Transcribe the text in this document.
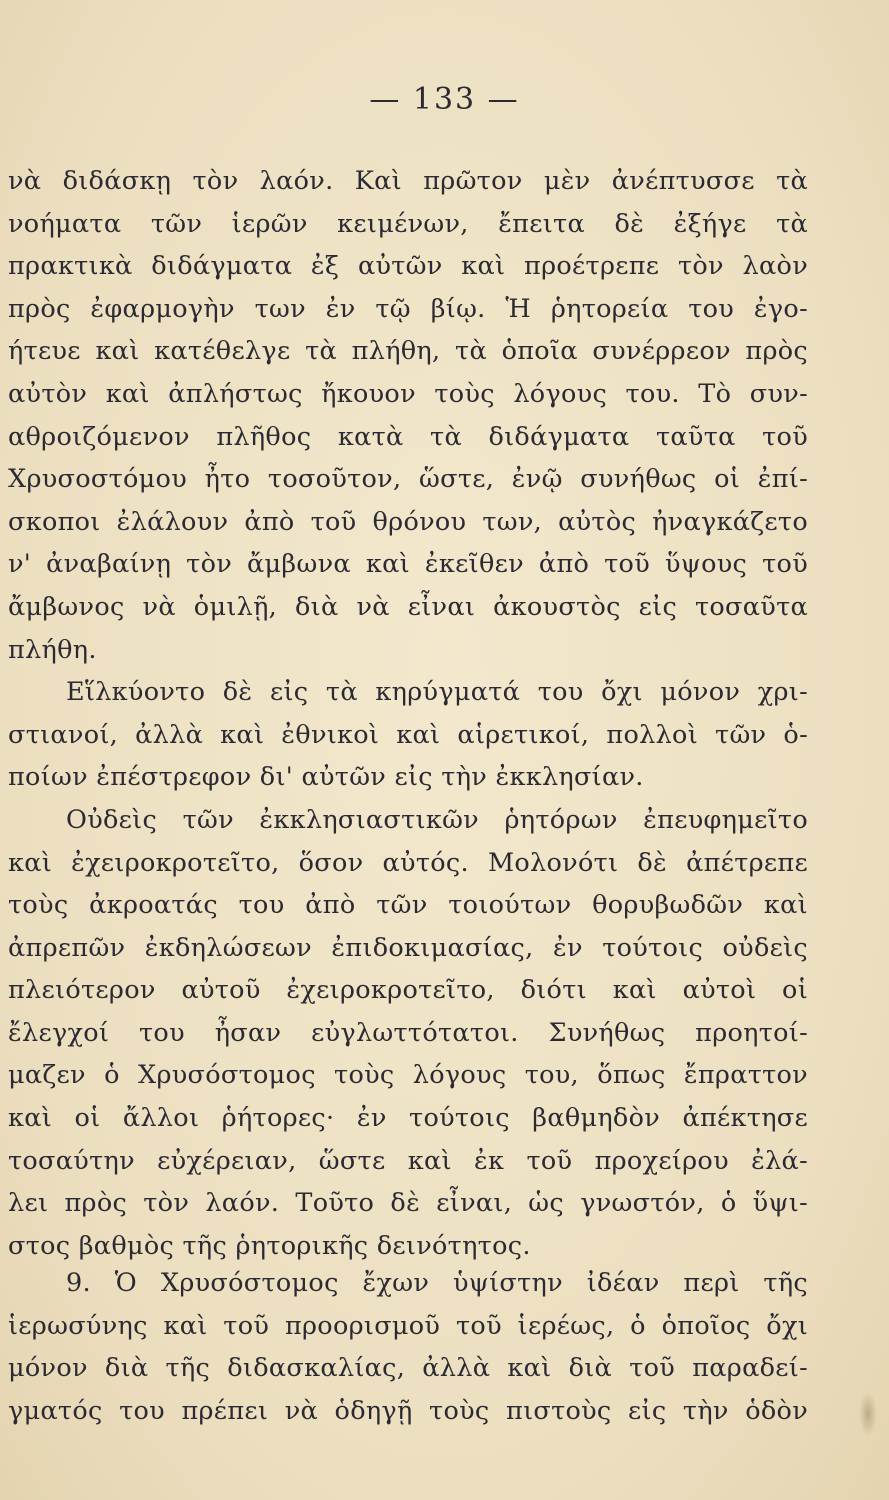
— 133 —
νὰ διδάσκῃ τὸν λαόν. Καὶ πρῶτον μὲν ἀνέπτυσσε τὰ
νοήματα τῶν ἱερῶν κειμένων, ἔπειτα δὲ ἐξήγε τὰ
πρακτικὰ διδάγματα ἐξ αὐτῶν καὶ προέτρεπε τὸν λαὸν
πρὸς ἐφαρμογὴν των ἐν τῷ βίῳ. Ἡ ῥητορεία του ἐγο-
ήτευε καὶ κατέθελγε τὰ πλήθη, τὰ ὁποῖα συνέρρεον πρὸς
αὐτὸν καὶ ἀπλήστως ἤκουον τοὺς λόγους του. Τὸ συν-
αθροιζόμενον πλῆθος κατὰ τὰ διδάγματα ταῦτα τοῦ
Χρυσοστόμου ἦτο τοσοῦτον, ὥστε, ἐνῷ συνήθως οἱ ἐπί-
σκοποι ἐλάλουν ἀπὸ τοῦ θρόνου των, αὐτὸς ἠναγκάζετο
ν' ἀναβαίνῃ τὸν ἄμβωνα καὶ ἐκεῖθεν ἀπὸ τοῦ ὕψους τοῦ
ἄμβωνος νὰ ὁμιλῇ, διὰ νὰ εἶναι ἀκουστὸς εἰς τοσαῦτα
πλήθη.
Εἵλκύοντο δὲ εἰς τὰ κηρύγματά του ὄχι μόνον χρι-
στιανοί, ἀλλὰ καὶ ἐθνικοὶ καὶ αἱρετικοί, πολλοὶ τῶν ὁ-
ποίων ἐπέστρεφον δι' αὐτῶν εἰς τὴν ἐκκλησίαν.
Οὐδεὶς τῶν ἐκκλησιαστικῶν ῥητόρων ἐπευφημεῖτο
καὶ ἐχειροκροτεῖτο, ὅσον αὐτός. Μολονότι δὲ ἀπέτρεπε
τοὺς ἀκροατάς του ἀπὸ τῶν τοιούτων θορυβωδῶν καὶ
ἀπρεπῶν ἐκδηλώσεων ἐπιδοκιμασίας, ἐν τούτοις οὐδεὶς
πλειότερον αὐτοῦ ἐχειροκροτεῖτο, διότι καὶ αὐτοὶ οἱ
ἔλεγχοί του ἦσαν εὐγλωττότατοι. Συνήθως προητοί-
μαζεν ὁ Χρυσόστομος τοὺς λόγους του, ὅπως ἔπραττον
καὶ οἱ ἄλλοι ῥήτορες· ἐν τούτοις βαθμηδὸν ἀπέκτησε
τοσαύτην εὐχέρειαν, ὥστε καὶ ἐκ τοῦ προχείρου ἐλά-
λει πρὸς τὸν λαόν. Τοῦτο δὲ εἶναι, ὡς γνωστόν, ὁ ὕψι-
στος βαθμὸς τῆς ῥητορικῆς δεινότητος.
9. Ὁ Χρυσόστομος ἔχων ὑψίστην ἰδέαν περὶ τῆς
ἱερωσύνης καὶ τοῦ προορισμοῦ τοῦ ἱερέως, ὁ ὁποῖος ὄχι
μόνον διὰ τῆς διδασκαλίας, ἀλλὰ καὶ διὰ τοῦ παραδεί-
γματός του πρέπει νὰ ὁδηγῇ τοὺς πιστοὺς εἰς τὴν ὁδὸν
